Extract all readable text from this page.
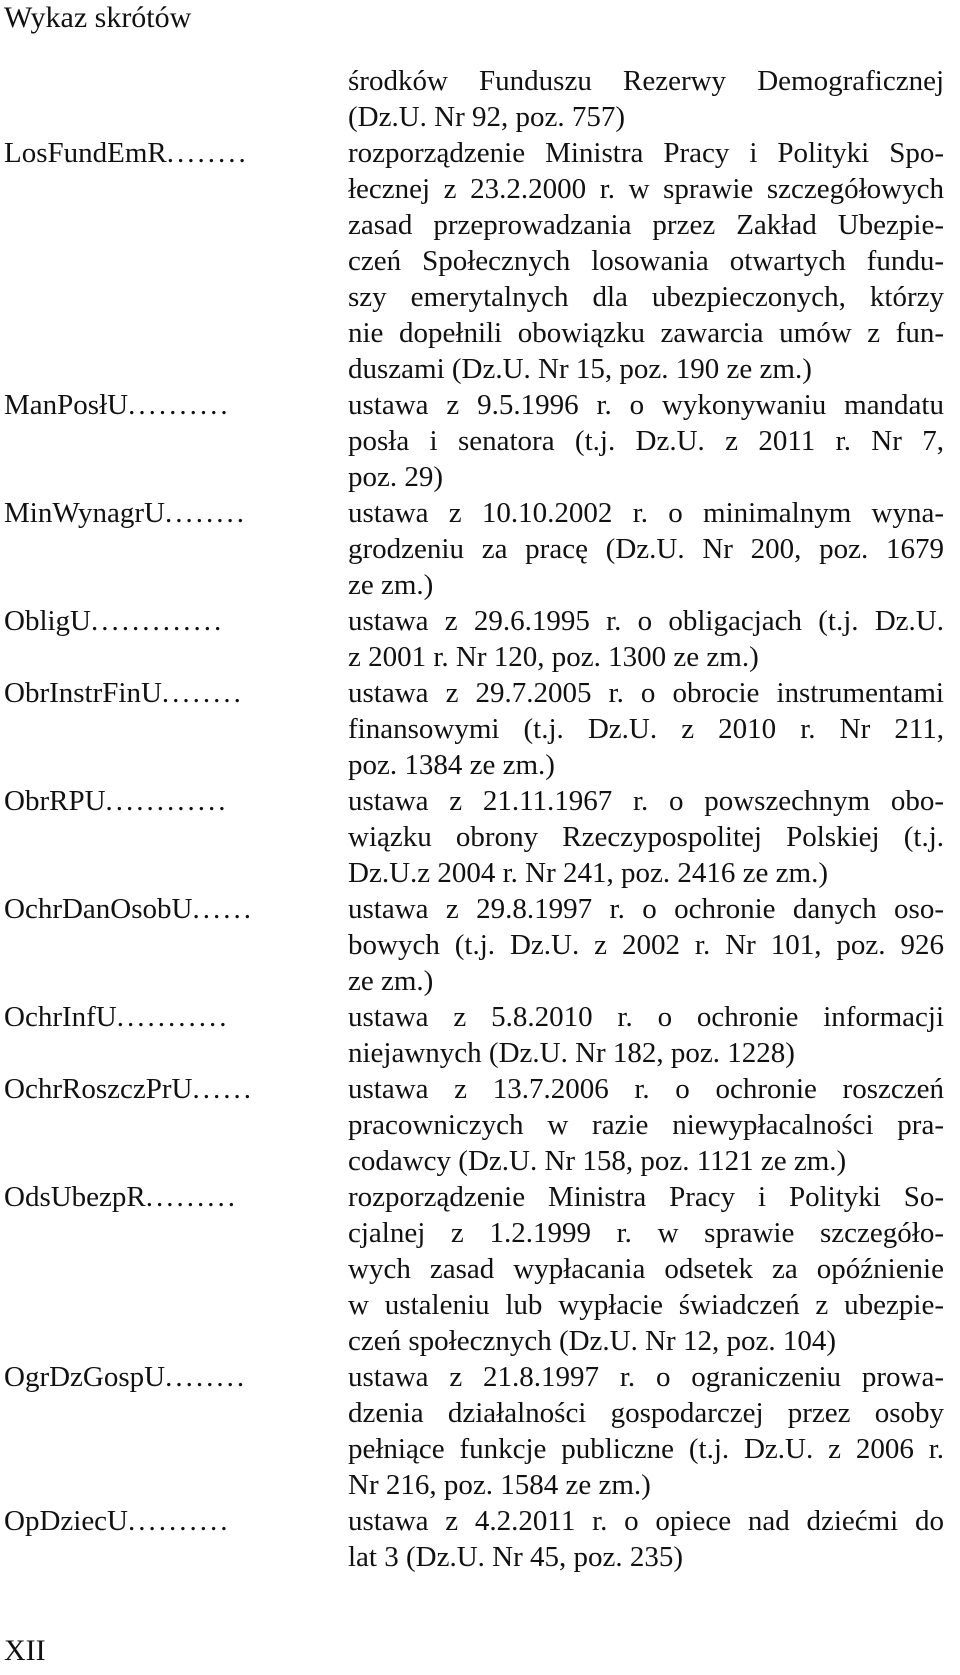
Wykaz skrótów
środków Funduszu Rezerwy Demograficznej
(Dz.U. Nr 92, poz. 757)
LosFundEmR........	rozporządzenie Ministra Pracy i Polityki Spo-
łecznej z 23.2.2000 r. w sprawie szczegółowych
zasad przeprowadzania przez Zakład Ubezpie-
czeń Społecznych losowania otwartych fundu-
szy emerytalnych dla ubezpieczonych, którzy
nie dopełnili obowiązku zawarcia umów z fun-
duszami (Dz.U. Nr 15, poz. 190 ze zm.)
ManPosłU..........	ustawa z 9.5.1996 r. o wykonywaniu mandatu
posła i senatora (t.j. Dz.U. z 2011 r. Nr 7,
poz. 29)
MinWynagrU........	ustawa z 10.10.2002 r. o minimalnym wyna-
grodzeniu za pracę (Dz.U. Nr 200, poz. 1679
ze zm.)
ObligU.............	ustawa z 29.6.1995 r. o obligacjach (t.j. Dz.U.
z 2001 r. Nr 120, poz. 1300 ze zm.)
ObrInstrFinU........	ustawa z 29.7.2005 r. o obrocie instrumentami
finansowymi (t.j. Dz.U. z 2010 r. Nr 211,
poz. 1384 ze zm.)
ObrRPU............	ustawa z 21.11.1967 r. o powszechnym obo-
wiązku obrony Rzeczypospolitej Polskiej (t.j.
Dz.U.z 2004 r. Nr 241, poz. 2416 ze zm.)
OchrDanOsobU......	ustawa z 29.8.1997 r. o ochronie danych oso-
bowych (t.j. Dz.U. z 2002 r. Nr 101, poz. 926
ze zm.)
OchrInfU...........	ustawa z 5.8.2010 r. o ochronie informacji
niejawnych (Dz.U. Nr 182, poz. 1228)
OchrRoszczPrU......	ustawa z 13.7.2006 r. o ochronie roszczeń
pracowniczych w razie niewypłacalności pra-
codawcy (Dz.U. Nr 158, poz. 1121 ze zm.)
OdsUbezpR.........	rozporządzenie Ministra Pracy i Polityki So-
cjalnej z 1.2.1999 r. w sprawie szczegóło-
wych zasad wypłacania odsetek za opóźnienie
w ustaleniu lub wypłacie świadczeń z ubezpie-
czeń społecznych (Dz.U. Nr 12, poz. 104)
OgrDzGospU........	ustawa z 21.8.1997 r. o ograniczeniu prowa-
dzenia działalności gospodarczej przez osoby
pełniące funkcje publiczne (t.j. Dz.U. z 2006 r.
Nr 216, poz. 1584 ze zm.)
OpDziecU..........	ustawa z 4.2.2011 r. o opiece nad dziećmi do
lat 3 (Dz.U. Nr 45, poz. 235)
XII
